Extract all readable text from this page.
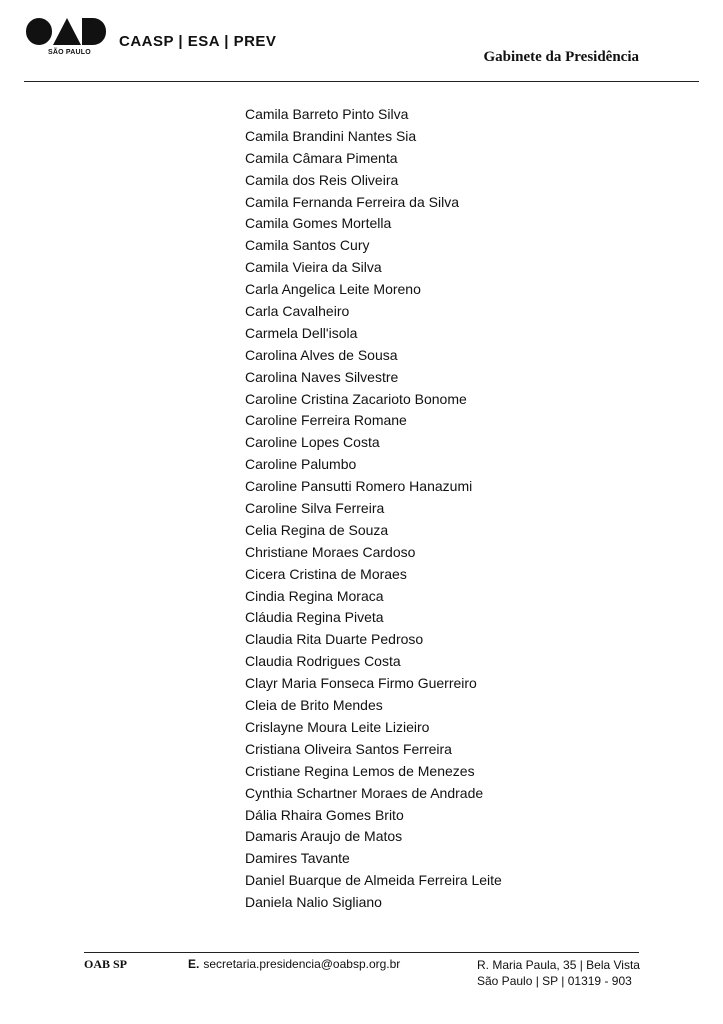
SÃO PAULO
CAASP | ESA | PREV
Gabinete da Presidência
Camila Barreto Pinto Silva
Camila Brandini Nantes Sia
Camila Câmara Pimenta
Camila dos Reis Oliveira
Camila Fernanda Ferreira da Silva
Camila Gomes Mortella
Camila Santos Cury
Camila Vieira da Silva
Carla Angelica Leite Moreno
Carla Cavalheiro
Carmela Dell'isola
Carolina Alves de Sousa
Carolina Naves Silvestre
Caroline Cristina Zacarioto Bonome
Caroline Ferreira Romane
Caroline Lopes Costa
Caroline Palumbo
Caroline Pansutti Romero Hanazumi
Caroline Silva Ferreira
Celia Regina de Souza
Christiane Moraes Cardoso
Cicera Cristina de Moraes
Cindia Regina Moraca
Cláudia Regina Piveta
Claudia Rita Duarte Pedroso
Claudia Rodrigues Costa
Clayr Maria Fonseca Firmo Guerreiro
Cleia de Brito Mendes
Crislayne Moura Leite Lizieiro
Cristiana Oliveira Santos Ferreira
Cristiane Regina Lemos de Menezes
Cynthia Schartner Moraes de Andrade
Dália Rhaira Gomes Brito
Damaris Araujo de Matos
Damires Tavante
Daniel Buarque de Almeida Ferreira Leite
Daniela Nalio Sigliano
OAB SP	E. secretaria.presidencia@oabsp.org.br	R. Maria Paula, 35 | Bela Vista
São Paulo | SP | 01319 - 903
